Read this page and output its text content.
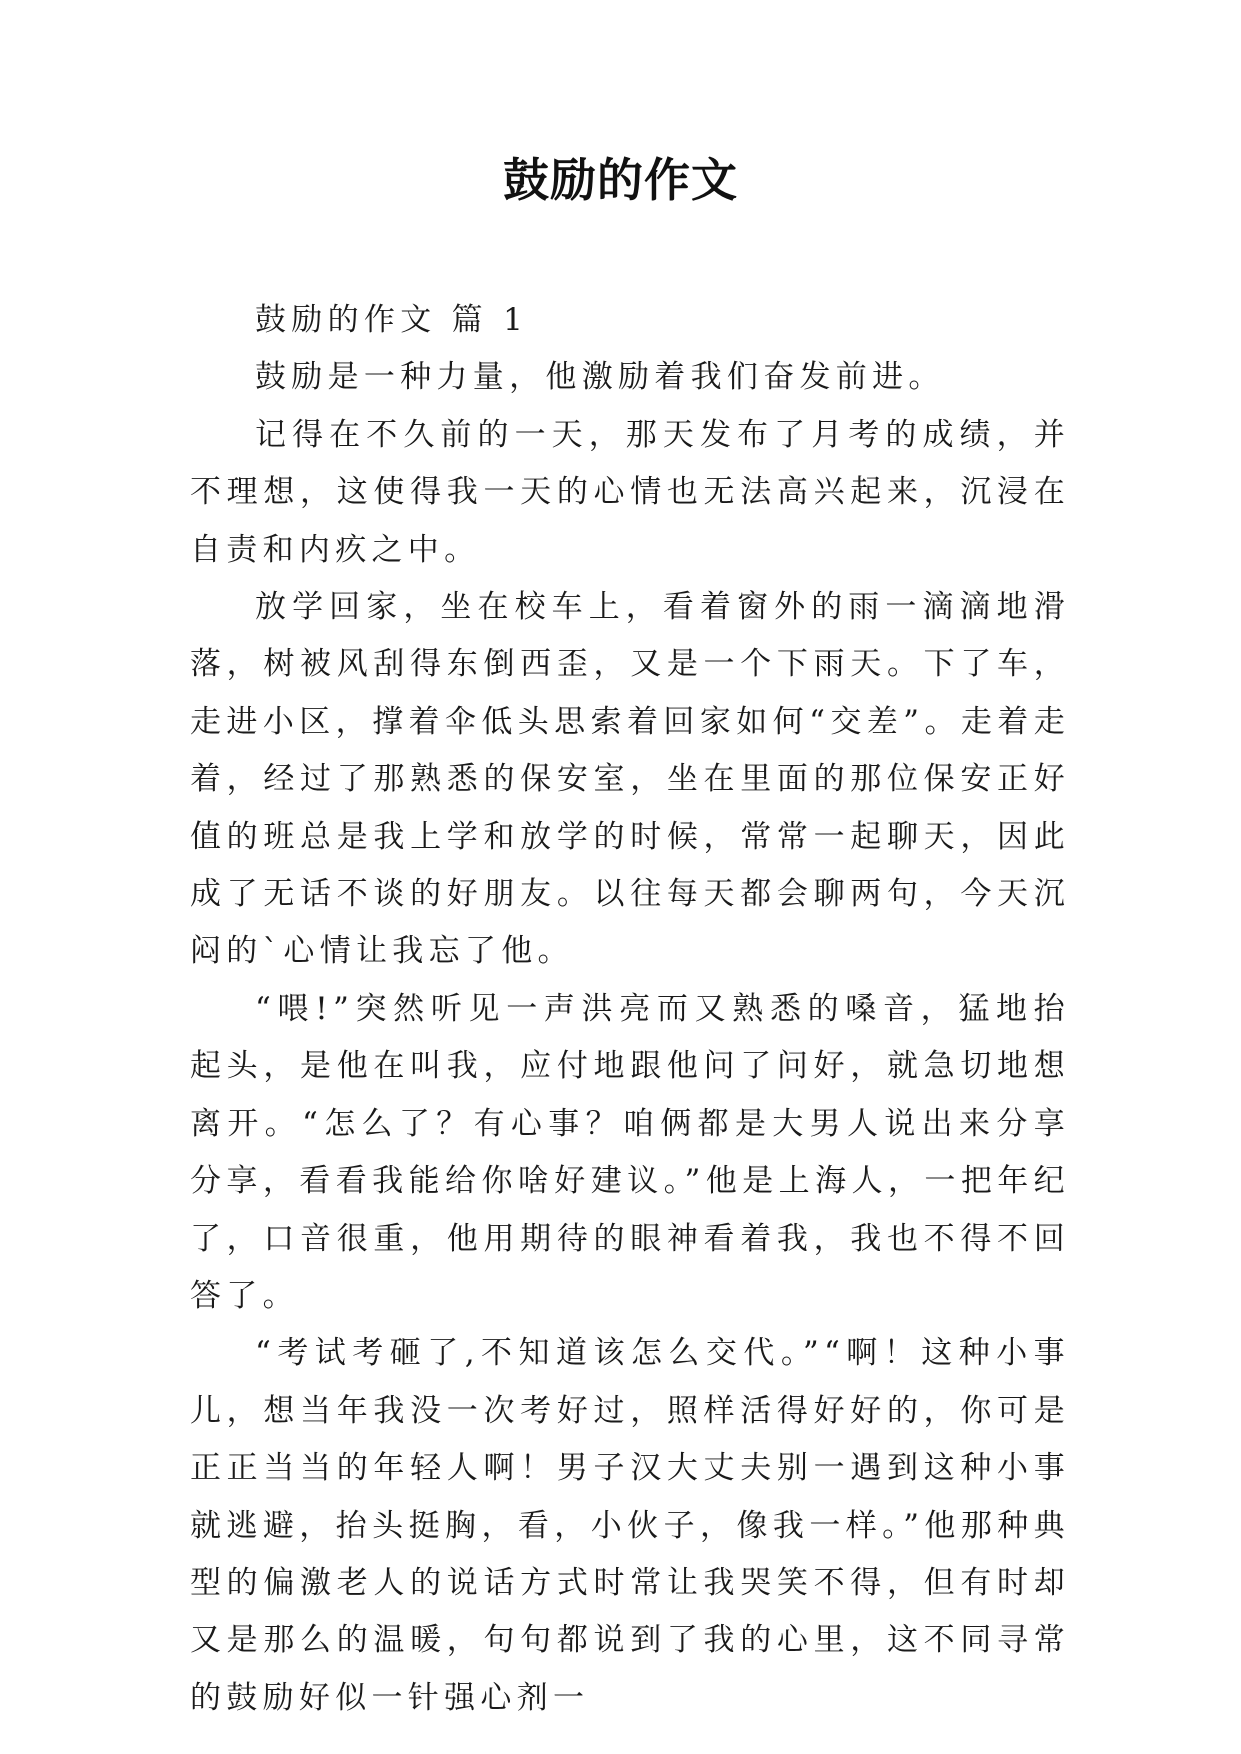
鼓励的作文

鼓励的作文 篇 1

鼓励是一种力量，他激励着我们奋发前进。

记得在不久前的一天，那天发布了月考的成绩，并不理想，这使得我一天的心情也无法高兴起来，沉浸在自责和内疚之中。

放学回家，坐在校车上，看着窗外的雨一滴滴地滑落，树被风刮得东倒西歪，又是一个下雨天。下了车，走进小区，撑着伞低头思索着回家如何“交差”。走着走着，经过了那熟悉的保安室，坐在里面的那位保安正好值的班总是我上学和放学的时候，常常一起聊天，因此成了无话不谈的好朋友。以往每天都会聊两句，今天沉闷的`心情让我忘了他。

“喂!”突然听见一声洪亮而又熟悉的嗓音，猛地抬起头，是他在叫我，应付地跟他问了问好，就急切地想离开。“怎么了？有心事？咱俩都是大男人说出来分享分享，看看我能给你啥好建议。”他是上海人，一把年纪了，口音很重，他用期待的眼神看着我，我也不得不回答了。

“考试考砸了,不知道该怎么交代。”“啊！这种小事儿，想当年我没一次考好过，照样活得好好的，你可是正正当当的年轻人啊！男子汉大丈夫别一遇到这种小事就逃避，抬头挺胸，看，小伙子，像我一样。”他那种典型的偏激老人的说话方式时常让我哭笑不得，但有时却又是那么的温暖，句句都说到了我的心里，这不同寻常的鼓励好似一针强心剂一
